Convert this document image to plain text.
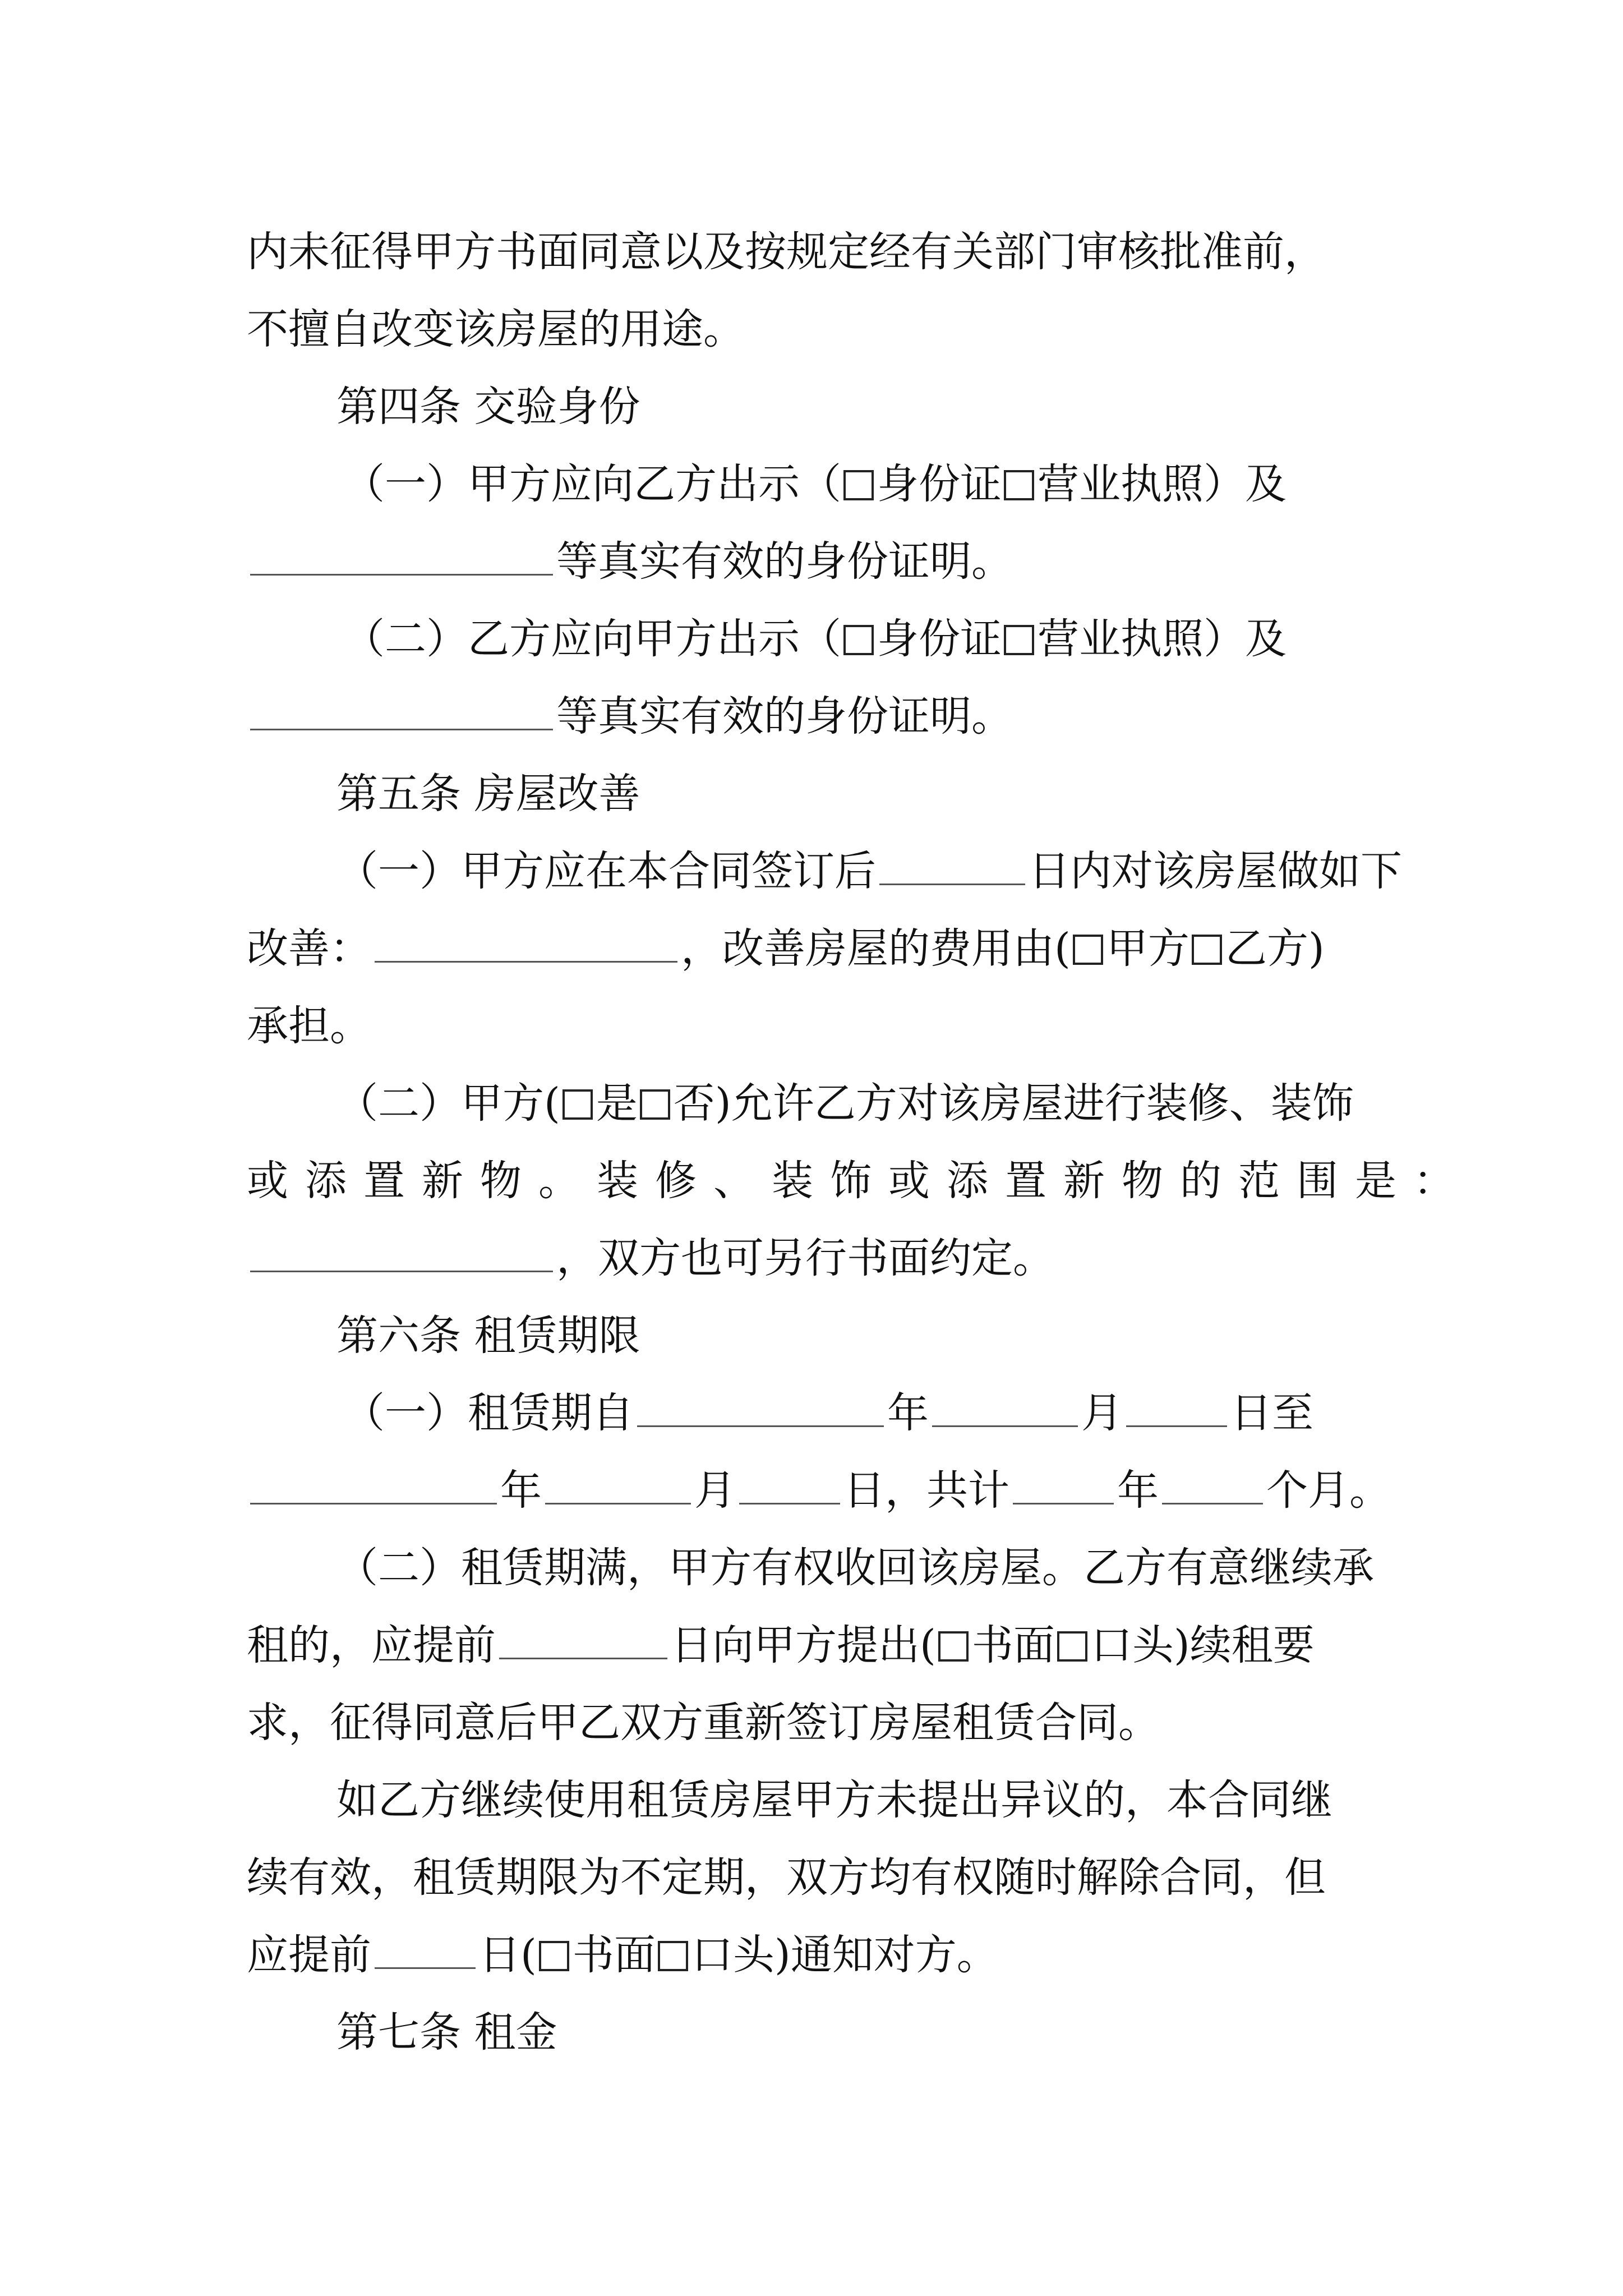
内未征得甲方书面同意以及按规定经有关部门审核批准前，
不擅自改变该房屋的用途。
第四条 交验身份
（一）甲方应向乙方出示（ 身份证 营业执照）及
等真实有效的身份证明。
（二）乙方应向甲方出示（ 身份证 营业执照）及
等真实有效的身份证明。
第五条 房屋改善
（一）甲方应在本合同签订后	日内对该房屋做如下
改善：	，改善房屋的费用由( 甲方 乙方)
承担。
（二）甲方( 是 否)允许乙方对该房屋进行装修、装饰
或添置新物。装修、装饰或添置新物的范围是：
，双方也可另行书面约定。
第六条 租赁期限
（一）租赁期自	年	月	日至
年	月	日，共计	年	个月。
（二）租赁期满，甲方有权收回该房屋。乙方有意继续承
租的，应提前	日向甲方提出( 书面 口头)续租要
求，征得同意后甲乙双方重新签订房屋租赁合同。
如乙方继续使用租赁房屋甲方未提出异议的，本合同继
续有效，租赁期限为不定期，双方均有权随时解除合同，但
应提前	日( 书面 口头)通知对方。
第七条 租金
